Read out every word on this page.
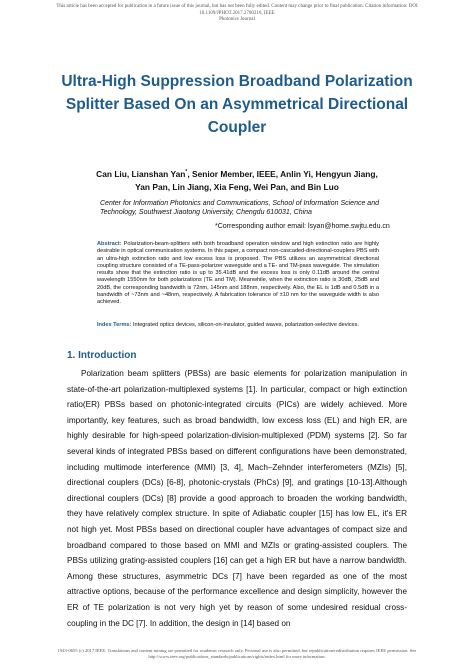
This article has been accepted for publication in a future issue of this journal, but has not been fully edited. Content may change prior to final publication. Citation information: DOI 10.1109/JPHOT.2017.2700216, IEEE
Photonics Journal
Ultra-High Suppression Broadband Polarization Splitter Based On an Asymmetrical Directional Coupler
Can Liu, Lianshan Yan*, Senior Member, IEEE, Anlin Yi, Hengyun Jiang,
Yan Pan, Lin Jiang, Xia Feng, Wei Pan, and Bin Luo
Center for Information Photonics and Communications, School of Information Science and Technology, Southwest Jiaotong University, Chengdu 610031, China
*Corresponding author email: lsyan@home.swjtu.edu.cn
Abstract: Polarization-beam-splitters with both broadband operation window and high extinction ratio are highly desirable in optical communication systems. In this paper, a compact non-cascaded-directional-couplers PBS with an ultra-high extinction ratio and low excess loss is proposed. The PBS utilizes an asymmetrical directional coupling structure consisted of a TE-pass-polarizer waveguide and a TE- and TM-pass waveguide. The simulation results show that the extinction ratio is up to 35.41dB and the excess loss is only 0.11dB around the central wavelength 1550nm for both polarizations (TE and TM). Meanwhile, when the extinction ratio is 30dB, 25dB and 20dB, the corresponding bandwidth is 72nm, 145nm and 188nm, respectively. Also, the EL is 1dB and 0.5dB in a bandwidth of ~73nm and ~48nm, respectively. A fabrication tolerance of ±10 nm for the waveguide width is also achieved.
Index Terms: Integrated optics devices, silicon-on-insulator, guided waves, polarization-selective devices.
1. Introduction

Polarization beam splitters (PBSs) are basic elements for polarization manipulation in state-of-the-art polarization-multiplexed systems [1]. In particular, compact or high extinction ratio(ER) PBSs based on photonic-integrated circuits (PICs) are widely achieved. More importantly, key features, such as broad bandwidth, low excess loss (EL) and high ER, are highly desirable for high-speed polarization-division-multiplexed (PDM) systems [2]. So far several kinds of integrated PBSs based on different configurations have been demonstrated, including multimode interference (MMI) [3, 4], Mach–Zehnder interferometers (MZIs) [5], directional couplers (DCs) [6-8], photonic-crystals (PhCs) [9], and gratings [10-13].Although directional couplers (DCs) [8] provide a good approach to broaden the working bandwidth, they have relatively complex structure. In spite of Adiabatic coupler [15] has low EL, it's ER not high yet. Most PBSs based on directional coupler have advantages of compact size and broadband compared to those based on MMI and MZIs or grating-assisted couplers. The PBSs utilizing grating-assisted couplers [16] can get a high ER but have a narrow bandwidth. Among these structures, asymmetric DCs [7] have been regarded as one of the most attractive options, because of the performance excellence and design simplicity, however the ER of TE polarization is not very high yet by reason of some undesired residual cross-coupling in the DC [7]. In addition, the design in [14] based on

1943-0655 (c) 2017 IEEE. Translations and content mining are permitted for academic research only. Personal use is also permitted, but republication/redistribution requires IEEE permission. See
http://www.ieee.org/publications_standards/publications/rights/index.html for more information.
